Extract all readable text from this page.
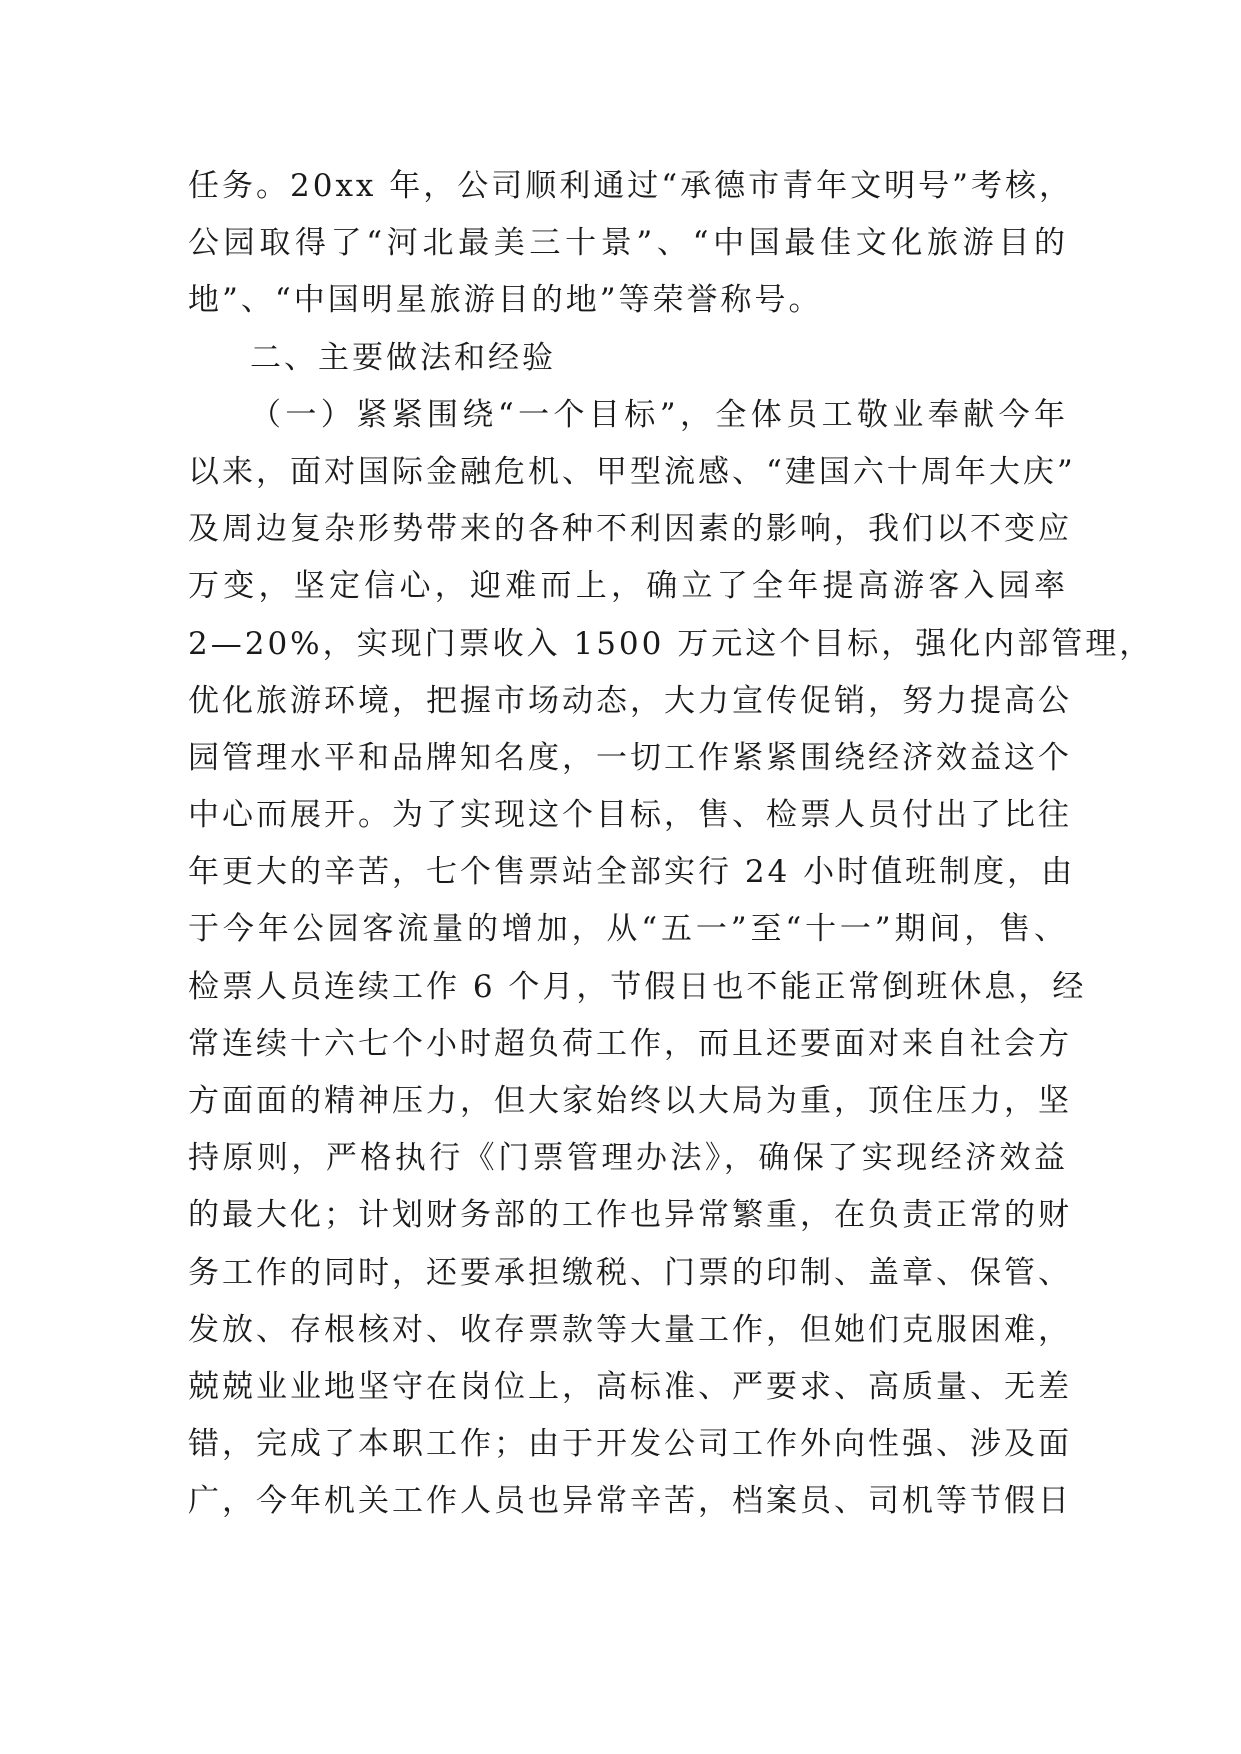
任务。20xx 年，公司顺利通过“承德市青年文明号”考核，
公园取得了“河北最美三十景”、“中国最佳文化旅游目的
地”、“中国明星旅游目的地”等荣誉称号。
二、主要做法和经验
（一）紧紧围绕“一个目标”，全体员工敬业奉献今年
以来，面对国际金融危机、甲型流感、“建国六十周年大庆”
及周边复杂形势带来的各种不利因素的影响，我们以不变应
万变，坚定信心，迎难而上，确立了全年提高游客入园率
2—20%，实现门票收入 1500 万元这个目标，强化内部管理，
优化旅游环境，把握市场动态，大力宣传促销，努力提高公
园管理水平和品牌知名度，一切工作紧紧围绕经济效益这个
中心而展开。为了实现这个目标，售、检票人员付出了比往
年更大的辛苦，七个售票站全部实行 24 小时值班制度，由
于今年公园客流量的增加，从“五一”至“十一”期间，售、
检票人员连续工作 6 个月，节假日也不能正常倒班休息，经
常连续十六七个小时超负荷工作，而且还要面对来自社会方
方面面的精神压力，但大家始终以大局为重，顶住压力，坚
持原则，严格执行《门票管理办法》，确保了实现经济效益
的最大化；计划财务部的工作也异常繁重，在负责正常的财
务工作的同时，还要承担缴税、门票的印制、盖章、保管、
发放、存根核对、收存票款等大量工作，但她们克服困难，
兢兢业业地坚守在岗位上，高标准、严要求、高质量、无差
错，完成了本职工作；由于开发公司工作外向性强、涉及面
广，今年机关工作人员也异常辛苦，档案员、司机等节假日
